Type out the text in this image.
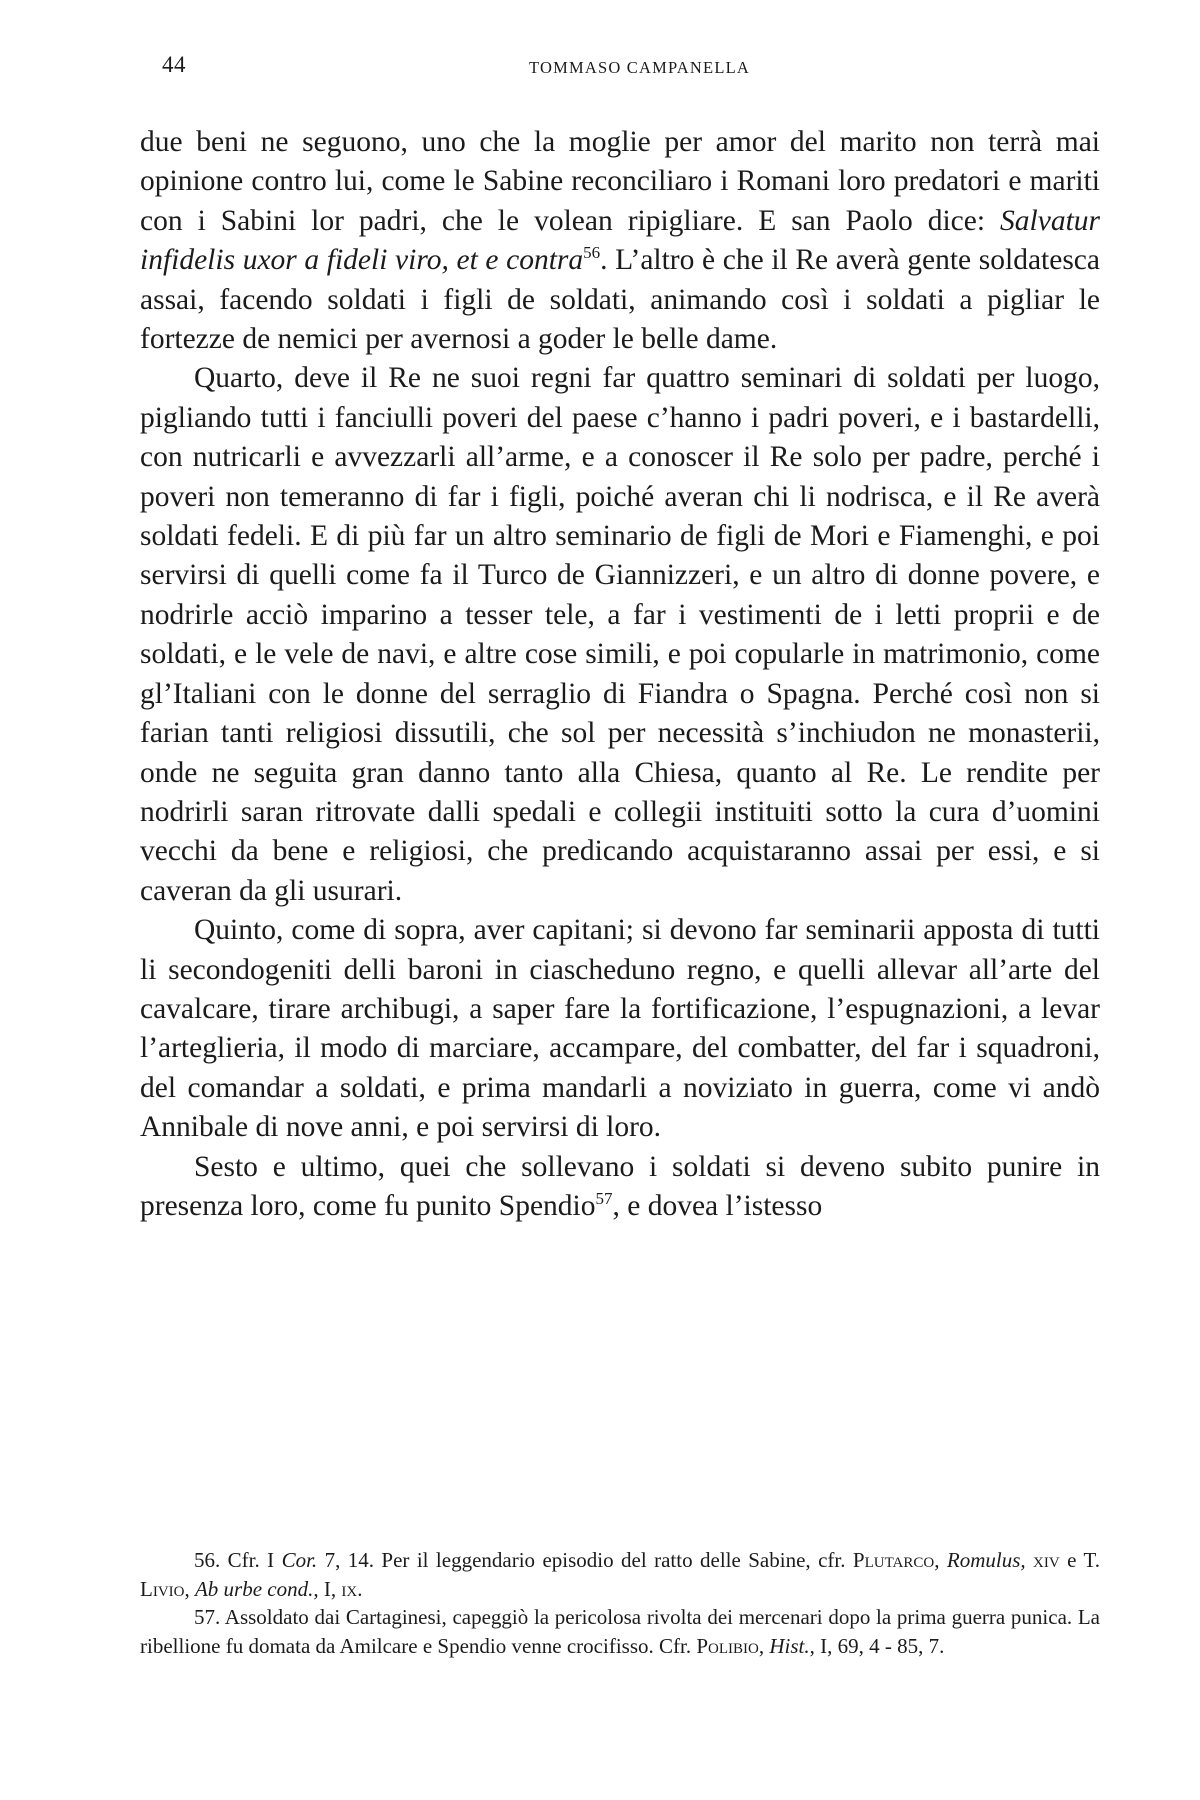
44	TOMMASO CAMPANELLA

due beni ne seguono, uno che la moglie per amor del marito non terrà mai opinione contro lui, come le Sabine reconciliaro i Romani loro predatori e mariti con i Sabini lor padri, che le volean ripigliare. E san Paolo dice: Salvatur infidelis uxor a fideli viro, et e contra$^{56}$. L’altro è che il Re averà gente soldatesca assai, facendo soldati i figli de soldati, animando così i soldati a pigliar le fortezze de nemici per avernosi a goder le belle dame.

Quarto, deve il Re ne suoi regni far quattro seminari di soldati per luogo, pigliando tutti i fanciulli poveri del paese c’hanno i padri poveri, e i bastardelli, con nutricarli e avvezzarli all’arme, e a conoscer il Re solo per padre, perché i poveri non temeranno di far i figli, poiché averan chi li nodrisca, e il Re averà soldati fedeli. E di più far un altro seminario de figli de Mori e Fiamenghi, e poi servirsi di quelli come fa il Turco de Giannizzeri, e un altro di donne povere, e nodrirle acciò imparino a tesser tele, a far i vestimenti de i letti proprii e de soldati, e le vele de navi, e altre cose simili, e poi copularle in matrimonio, come gl’Italiani con le donne del serraglio di Fiandra o Spagna. Perché così non si farian tanti religiosi dissutili, che sol per necessità s’inchiudon ne monasterii, onde ne seguita gran danno tanto alla Chiesa, quanto al Re. Le rendite per nodrirli saran ritrovate dalli spedali e collegii instituiti sotto la cura d’uomini vecchi da bene e religiosi, che predicando acquistaranno assai per essi, e si caveran da gli usurari.

Quinto, come di sopra, aver capitani; si devono far seminarii apposta di tutti li secondogeniti delli baroni in ciascheduno regno, e quelli allevar all’arte del cavalcare, tirare archibugi, a saper fare la fortificazione, l’espugnazioni, a levar l’arteglieria, il modo di marciare, accampare, del combatter, del far i squadroni, del comandar a soldati, e prima mandarli a noviziato in guerra, come vi andò Annibale di nove anni, e poi servirsi di loro.

Sesto e ultimo, quei che sollevano i soldati si deveno subito punire in presenza loro, come fu punito Spendio$^{57}$, e dovea l’istesso

56. Cfr. I Cor. 7, 14. Per il leggendario episodio del ratto delle Sabine, cfr. Plutarco, Romulus, xiv e T. Livio, Ab urbe cond., I, ix.

57. Assoldato dai Cartaginesi, capeggiò la pericolosa rivolta dei mercenari dopo la prima guerra punica. La ribellione fu domata da Amilcare e Spendio venne crocifisso. Cfr. Polibio, Hist., I, 69, 4 - 85, 7.
